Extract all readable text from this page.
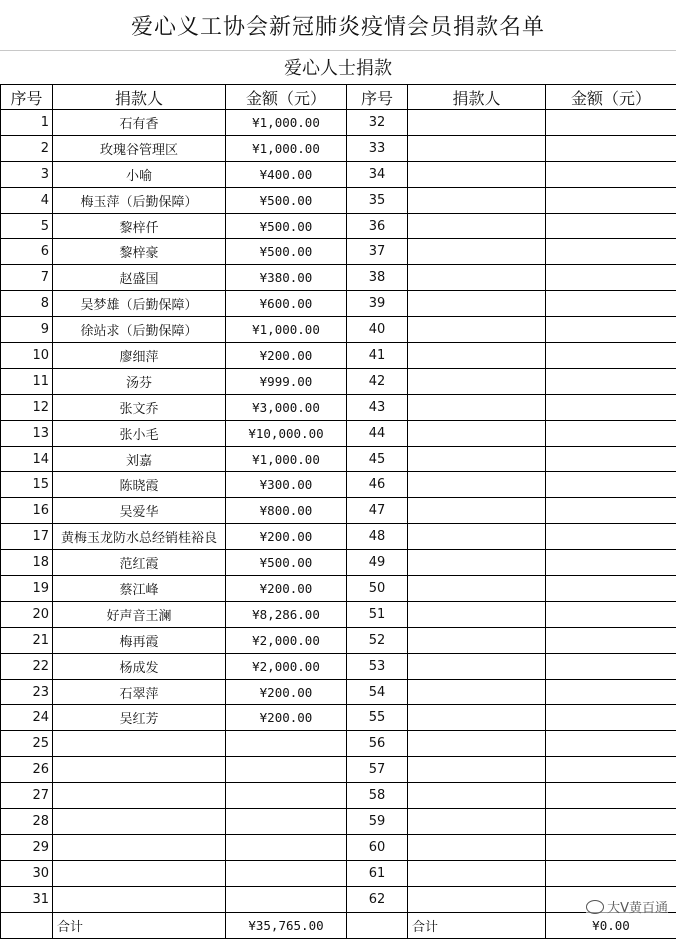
爱心义工协会新冠肺炎疫情会员捐款名单
爱心人士捐款
序号	捐款人	金额（元）	序号	捐款人	金额（元）
1	石有香	¥1,000.00	32		
2	玫瑰谷管理区	¥1,000.00	33		
3	小喻	¥400.00	34		
4	梅玉萍（后勤保障）	¥500.00	35		
5	黎梓仟	¥500.00	36		
6	黎梓豪	¥500.00	37		
7	赵盛国	¥380.00	38		
8	吴梦雄（后勤保障）	¥600.00	39		
9	徐站求（后勤保障）	¥1,000.00	40		
10	廖细萍	¥200.00	41		
11	汤芬	¥999.00	42		
12	张文乔	¥3,000.00	43		
13	张小毛	¥10,000.00	44		
14	刘嘉	¥1,000.00	45		
15	陈晓霞	¥300.00	46		
16	吴爱华	¥800.00	47		
17	黄梅玉龙防水总经销桂裕良	¥200.00	48		
18	范红霞	¥500.00	49		
19	蔡江峰	¥200.00	50		
20	好声音王澜	¥8,286.00	51		
21	梅再霞	¥2,000.00	52		
22	杨成发	¥2,000.00	53		
23	石翠萍	¥200.00	54		
24	吴红芳	¥200.00	55		
25			56		
26			57		
27			58		
28			59		
29			60		
30			61		
31			62		
	合计	¥35,765.00		合计	¥0.00
大V黄百通
